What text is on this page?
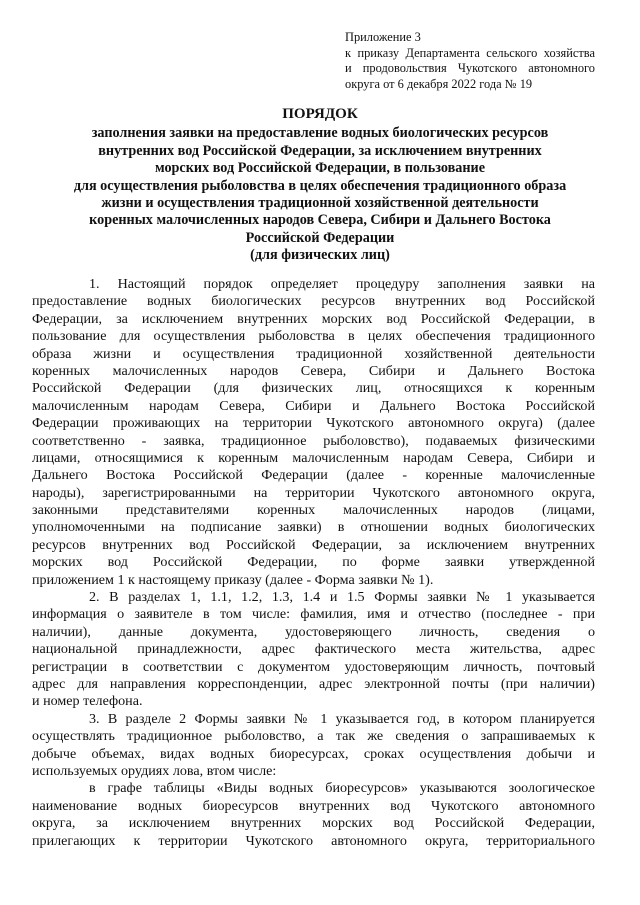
Приложение 3
к приказу Департамента сельского хозяйства
и продовольствия Чукотского автономного
округа от 6 декабря 2022 года № 19
ПОРЯДОК
заполнения заявки на предоставление водных биологических ресурсов
внутренних вод Российской Федерации, за исключением внутренних
морских вод Российской Федерации, в пользование
для осуществления рыболовства в целях обеспечения традиционного образа
жизни и осуществления традиционной хозяйственной деятельности
коренных малочисленных народов Севера, Сибири и Дальнего Востока
Российской Федерации
(для физических лиц)
1. Настоящий порядок определяет процедуру заполнения заявки на
предоставление водных биологических ресурсов внутренних вод Российской
Федерации, за исключением внутренних морских вод Российской Федерации, в
пользование для осуществления рыболовства в целях обеспечения традиционного
образа жизни и осуществления традиционной хозяйственной деятельности
коренных малочисленных народов Севера, Сибири и Дальнего Востока
Российской Федерации (для физических лиц, относящихся к коренным
малочисленным народам Севера, Сибири и Дальнего Востока Российской
Федерации проживающих на территории Чукотского автономного округа) (далее
соответственно - заявка, традиционное рыболовство), подаваемых физическими
лицами, относящимися к коренным малочисленным народам Севера, Сибири и
Дальнего Востока Российской Федерации (далее - коренные малочисленные
народы), зарегистрированными на территории Чукотского автономного округа,
законными представителями коренных малочисленных народов (лицами,
уполномоченными на подписание заявки) в отношении водных биологических
ресурсов внутренних вод Российской Федерации, за исключением внутренних
морских вод Российской Федерации, по форме заявки утвержденной
приложением 1 к настоящему приказу (далее - Форма заявки № 1).
2. В разделах 1, 1.1, 1.2, 1.3, 1.4 и 1.5 Формы заявки № 1 указывается
информация о заявителе в том числе: фамилия, имя и отчество (последнее - при
наличии), данные документа, удостоверяющего личность, сведения о
национальной принадлежности, адрес фактического места жительства, адрес
регистрации в соответствии с документом удостоверяющим личность, почтовый
адрес для направления корреспонденции, адрес электронной почты (при наличии)
и номер телефона.
3. В разделе 2 Формы заявки № 1 указывается год, в котором планируется
осуществлять традиционное рыболовство, а так же сведения о запрашиваемых к
добыче объемах, видах водных биоресурсах, сроках осуществления добычи и
используемых орудиях лова, втом числе:
в графе таблицы «Виды водных биоресурсов» указываются зоологическое
наименование водных биоресурсов внутренних вод Чукотского автономного
округа, за исключением внутренних морских вод Российской Федерации,
прилегающих к территории Чукотского автономного округа, территориального
